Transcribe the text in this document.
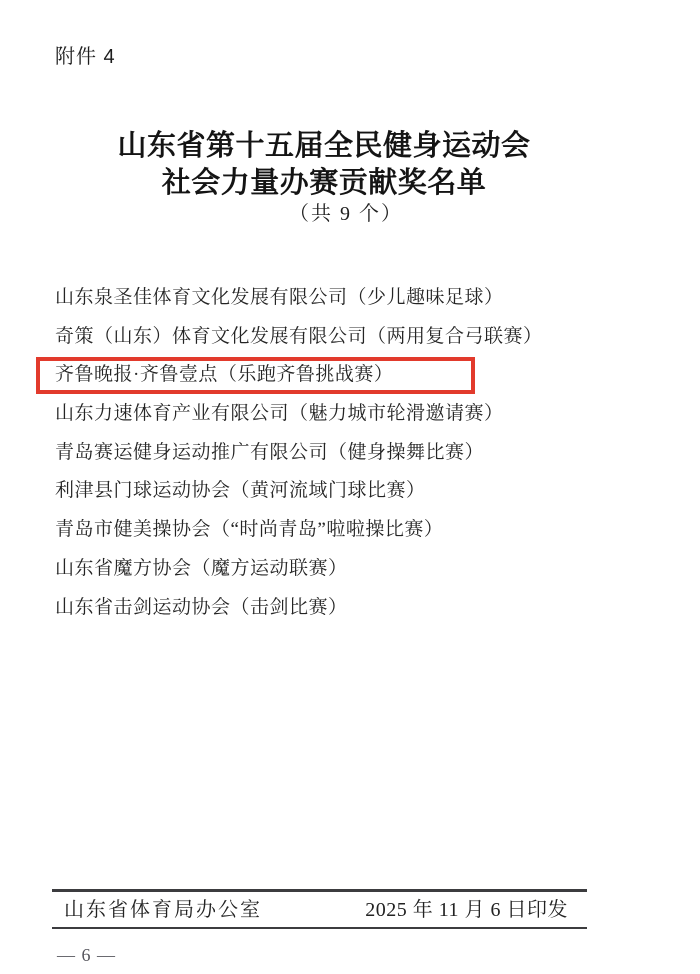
附件 4
山东省第十五届全民健身运动会
社会力量办赛贡献奖名单
（共 9 个）
山东泉圣佳体育文化发展有限公司（少儿趣味足球）
奇策（山东）体育文化发展有限公司（两用复合弓联赛）
齐鲁晚报·齐鲁壹点（乐跑齐鲁挑战赛）
山东力速体育产业有限公司（魅力城市轮滑邀请赛）
青岛赛运健身运动推广有限公司（健身操舞比赛）
利津县门球运动协会（黄河流域门球比赛）
青岛市健美操协会（“时尚青岛”啦啦操比赛）
山东省魔方协会（魔方运动联赛）
山东省击剑运动协会（击剑比赛）
山东省体育局办公室	2025 年 11 月 6 日印发
— 6 —
